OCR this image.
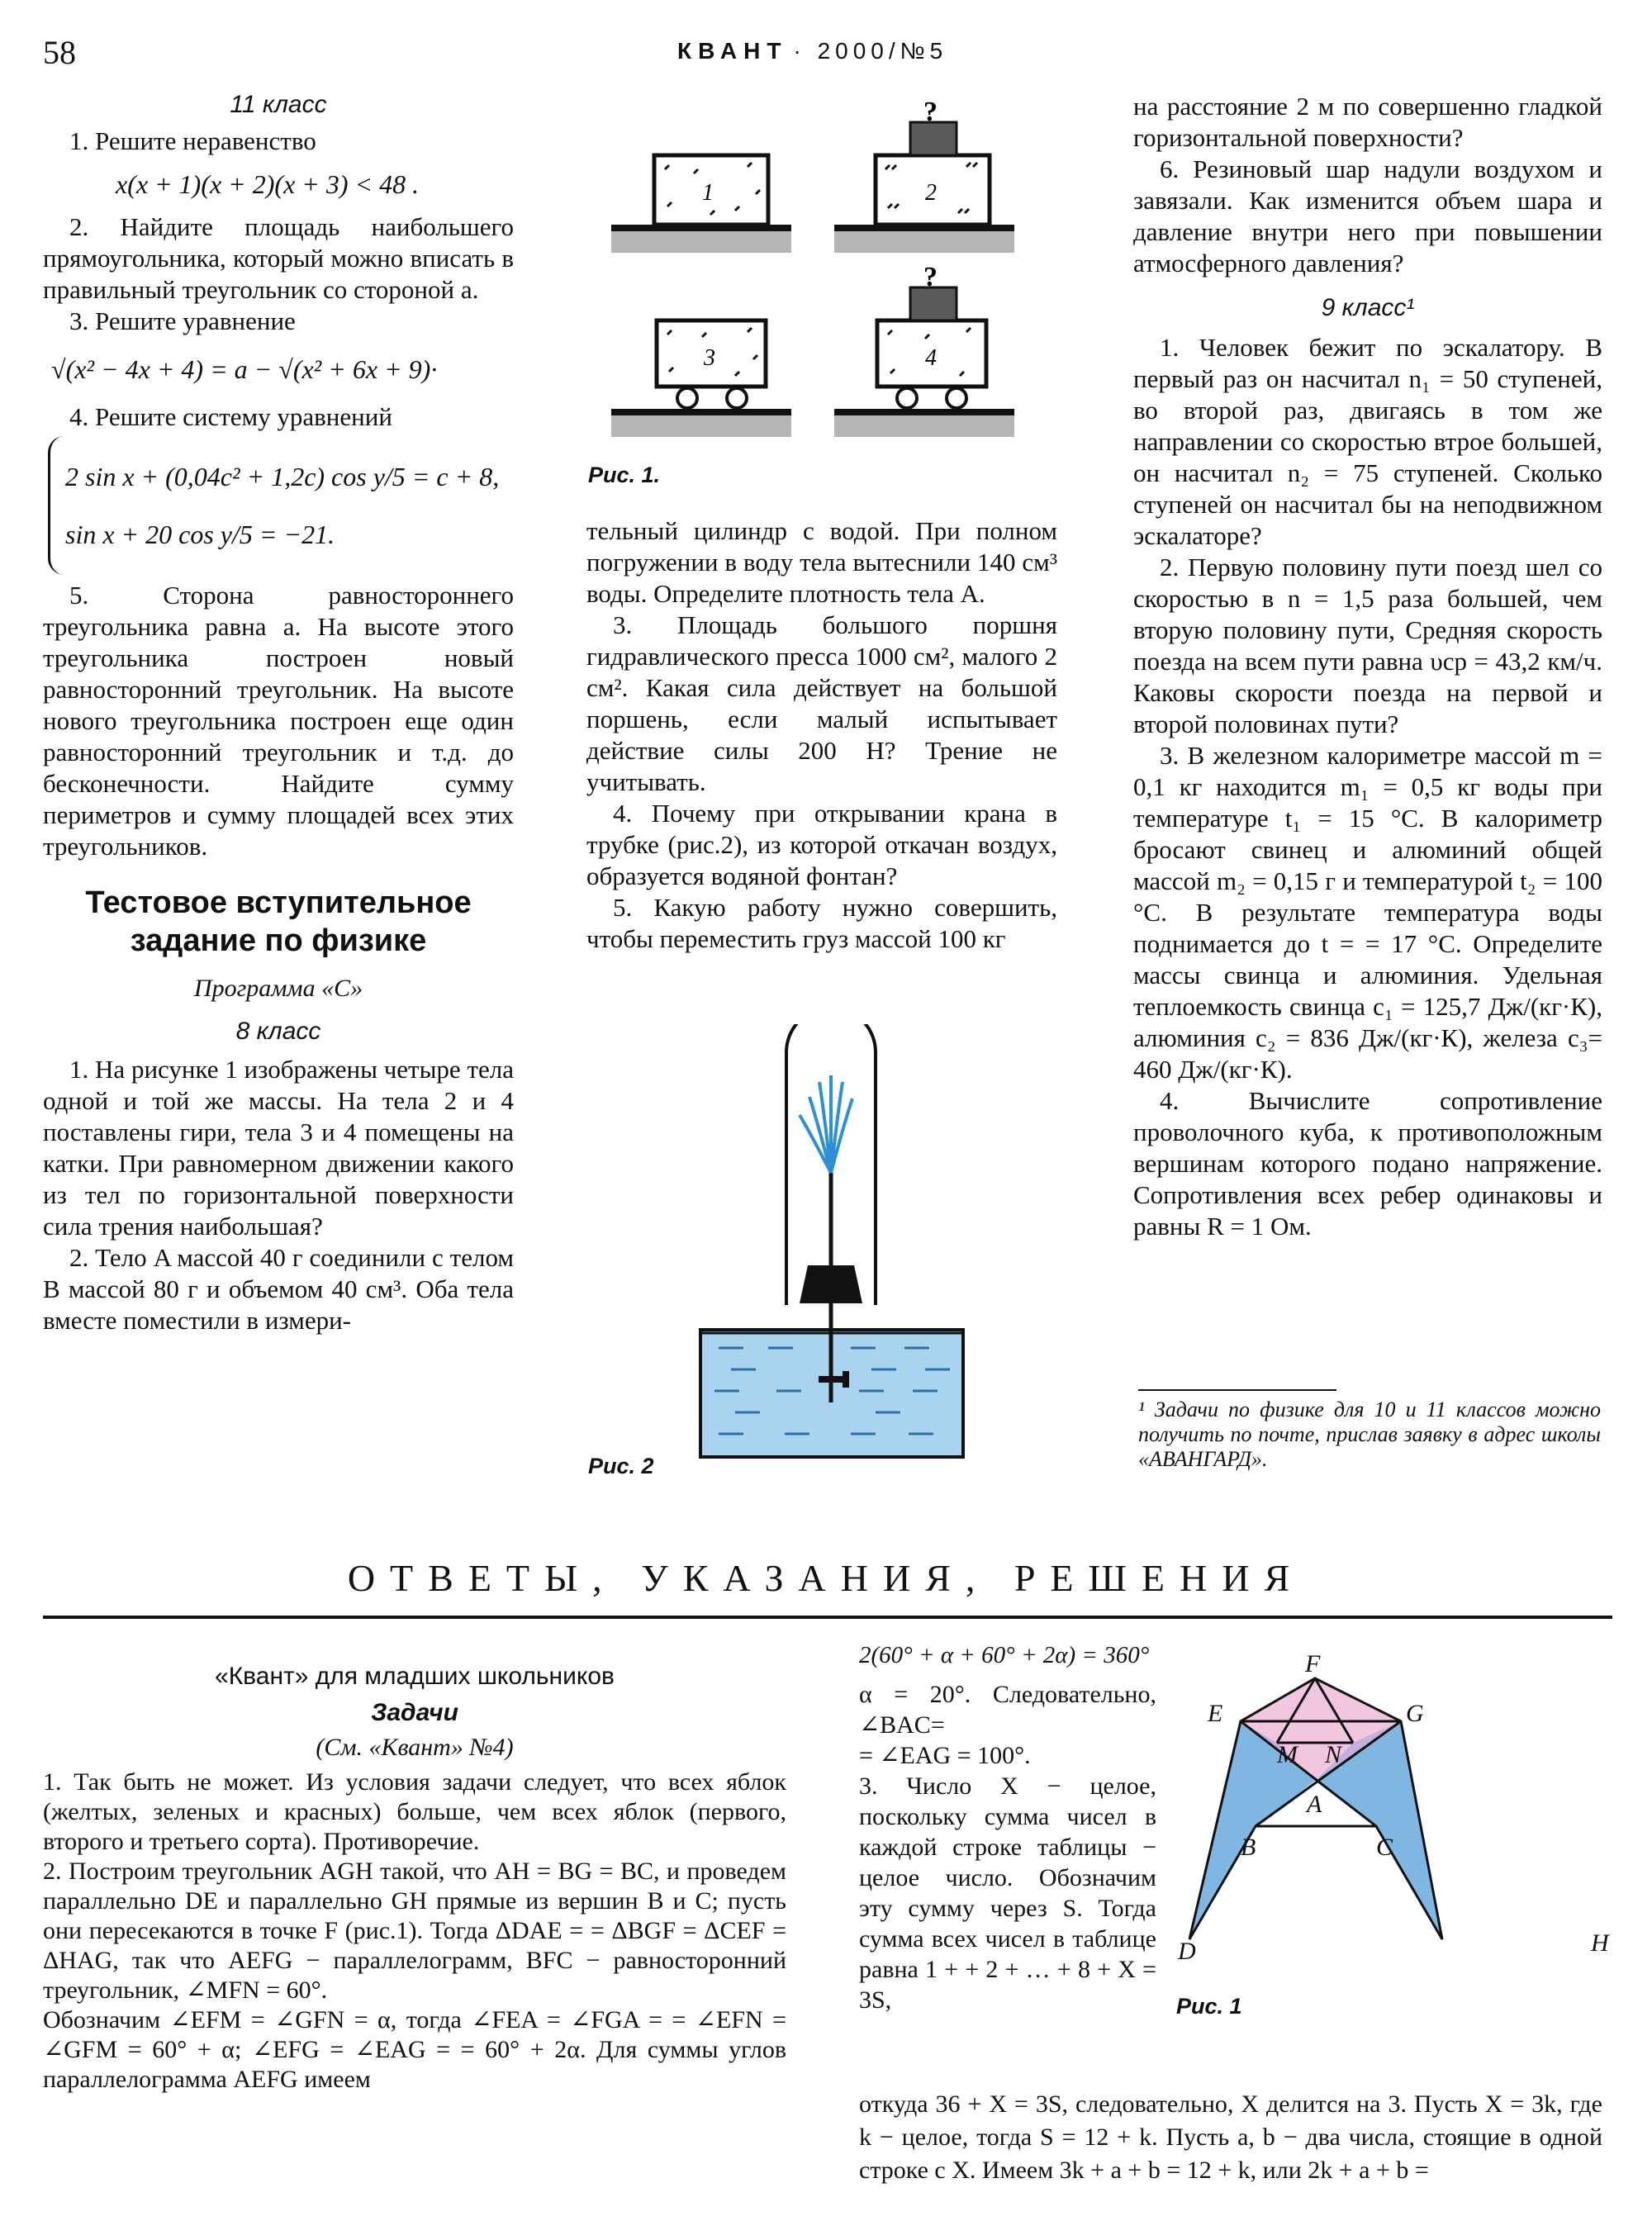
58	КВАНТ · 2000/№5
11 класс

1. Решите неравенство

x(x + 1)(x + 2)(x + 3) < 48 .

2. Найдите площадь наибольшего прямоугольника, который можно вписать в правильный треугольник со стороной a.

3. Решите уравнение

√(x² − 4x + 4) = a − √(x² + 6x + 9)·

4. Решите систему уравнений

2 sin x + (0,04c² + 1,2c) cos y/5 = c + 8,
sin x + 20 cos y/5 = −21.

5. Сторона равностороннего треугольника равна a. На высоте этого треугольника построен новый равносторонний треугольник. На высоте нового треугольника построен еще один равносторонний треугольник и т.д. до бесконечности. Найдите сумму периметров и сумму площадей всех этих треугольников.

Тестовое вступительное
задание по физике
Программа «С»
8 класс

1. На рисунке 1 изображены четыре тела одной и той же массы. На тела 2 и 4 поставлены гири, тела 3 и 4 помещены на катки. При равномерном движении какого из тел по горизонтальной поверхности сила трения наибольшая?

2. Тело A массой 40 г соединили с телом B массой 80 г и объемом 40 см³. Оба тела вместе поместили в измери-

1
?
2
3
?
4
Рис. 1.

тельный цилиндр с водой. При полном погружении в воду тела вытеснили 140 см³ воды. Определите плотность тела A.

3. Площадь большого поршня гидравлического пресса 1000 см², малого 2 см². Какая сила действует на большой поршень, если малый испытывает действие силы 200 Н? Трение не учитывать.

4. Почему при открывании крана в трубке (рис.2), из которой откачан воздух, образуется водяной фонтан?

5. Какую работу нужно совершить, чтобы переместить груз массой 100 кг

Рис. 2

на расстояние 2 м по совершенно гладкой горизонтальной поверхности?

6. Резиновый шар надули воздухом и завязали. Как изменится объем шара и давление внутри него при повышении атмосферного давления?

9 класс¹

1. Человек бежит по эскалатору. В первый раз он насчитал n₁ = 50 ступеней, во второй раз, двигаясь в том же направлении со скоростью втрое большей, он насчитал n₂ = 75 ступеней. Сколько ступеней он насчитал бы на неподвижном эскалаторе?

2. Первую половину пути поезд шел со скоростью в n = 1,5 раза большей, чем вторую половину пути, Средняя скорость поезда на всем пути равна υср = 43,2 км/ч. Каковы скорости поезда на первой и второй половинах пути?

3. В железном калориметре массой m = 0,1 кг находится m₁ = 0,5 кг воды при температуре t₁ = 15 °С. В калориметр бросают свинец и алюминий общей массой m₂ = 0,15 г и температурой t₂ = 100 °С. В результате температура воды поднимается до t = = 17 °С. Определите массы свинца и алюминия. Удельная теплоемкость свинца c₁ = 125,7 Дж/(кг·К), алюминия c₂ = 836 Дж/(кг·К), железа c₃= 460 Дж/(кг·К).

4. Вычислите сопротивление проволочного куба, к противоположным вершинам которого подано напряжение. Сопротивления всех ребер одинаковы и равны R = 1 Ом.

¹ Задачи по физике для 10 и 11 классов можно получить по почте, прислав заявку в адрес школы «АВАНГАРД».
ОТВЕТЫ, УКАЗАНИЯ, РЕШЕНИЯ
«Квант» для младших школьников
Задачи
(См. «Квант» №4)

1. Так быть не может. Из условия задачи следует, что всех яблок (желтых, зеленых и красных) больше, чем всех яблок (первого, второго и третьего сорта). Противоречие.

2. Построим треугольник AGH такой, что AH = BG = BC, и проведем параллельно DE и параллельно GH прямые из вершин B и C; пусть они пересекаются в точке F (рис.1). Тогда ΔDAE = = ΔBGF = ΔCEF = ΔHAG, так что AEFG − параллелограмм, BFC − равносторонний треугольник, ∠MFN = 60°.

Обозначим ∠EFM = ∠GFN = α, тогда ∠FEA = ∠FGA = = ∠EFN = ∠GFM = 60° + α; ∠EFG = ∠EAG = = 60° + 2α. Для суммы углов параллелограмма AEFG имеем

2(60° + α + 60° + 2α) = 360°

α = 20°. Следовательно, ∠BAC=

= ∠EAG = 100°.

3. Число X − целое, поскольку сумма чисел в каждой строке таблицы − целое число. Обозначим эту сумму через S. Тогда сумма всех чисел в таблице равна 1 + + 2 + … + 8 + X = 3S,

откуда 36 + X = 3S, следовательно, X делится на 3. Пусть X = 3k, где k − целое, тогда S = 12 + k. Пусть a, b − два числа, стоящие в одной строке с X. Имеем 3k + a + b = 12 + k, или 2k + a + b =
F
E	G
M N
A
B	C
D	H
Рис. 1
